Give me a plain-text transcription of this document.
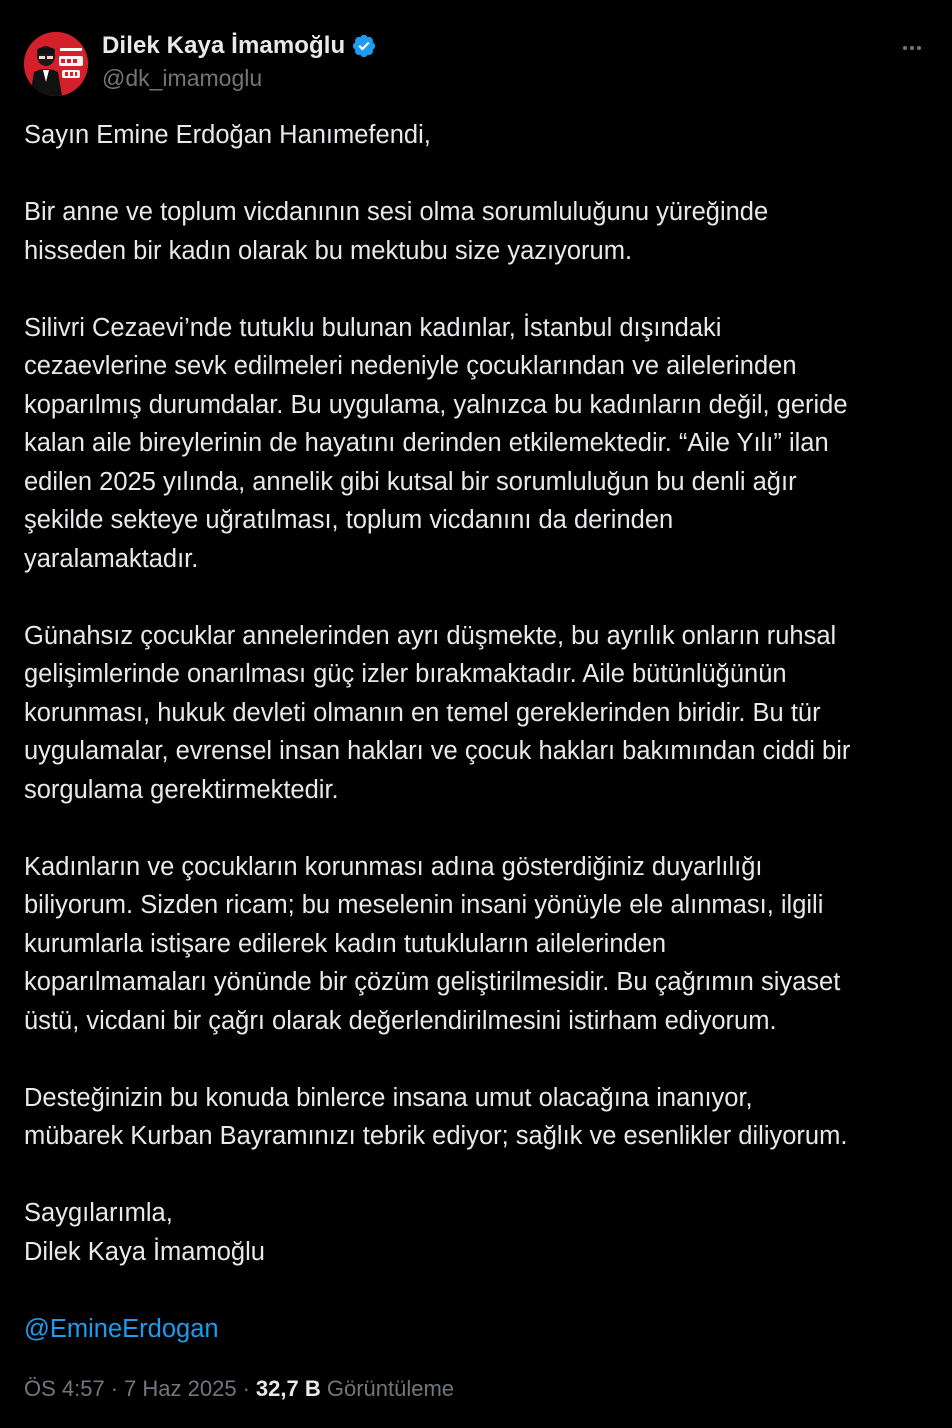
Dilek Kaya İmamoğlu
@dk_imamoglu

Sayın Emine Erdoğan Hanımefendi,

Bir anne ve toplum vicdanının sesi olma sorumluluğunu yüreğinde
hisseden bir kadın olarak bu mektubu size yazıyorum.

Silivri Cezaevi’nde tutuklu bulunan kadınlar, İstanbul dışındaki
cezaevlerine sevk edilmeleri nedeniyle çocuklarından ve ailelerinden
koparılmış durumdalar. Bu uygulama, yalnızca bu kadınların değil, geride
kalan aile bireylerinin de hayatını derinden etkilemektedir. “Aile Yılı” ilan
edilen 2025 yılında, annelik gibi kutsal bir sorumluluğun bu denli ağır
şekilde sekteye uğratılması, toplum vicdanını da derinden
yaralamaktadır.

Günahsız çocuklar annelerinden ayrı düşmekte, bu ayrılık onların ruhsal
gelişimlerinde onarılması güç izler bırakmaktadır. Aile bütünlüğünün
korunması, hukuk devleti olmanın en temel gereklerinden biridir. Bu tür
uygulamalar, evrensel insan hakları ve çocuk hakları bakımından ciddi bir
sorgulama gerektirmektedir.

Kadınların ve çocukların korunması adına gösterdiğiniz duyarlılığı
biliyorum. Sizden ricam; bu meselenin insani yönüyle ele alınması, ilgili
kurumlarla istişare edilerek kadın tutukluların ailelerinden
koparılmamaları yönünde bir çözüm geliştirilmesidir. Bu çağrımın siyaset
üstü, vicdani bir çağrı olarak değerlendirilmesini istirham ediyorum.

Desteğinizin bu konuda binlerce insana umut olacağına inanıyor,
mübarek Kurban Bayramınızı tebrik ediyor; sağlık ve esenlikler diliyorum.

Saygılarımla,
Dilek Kaya İmamoğlu

@EmineErdogan

ÖS 4:57 · 7 Haz 2025 · 32,7 B Görüntüleme
